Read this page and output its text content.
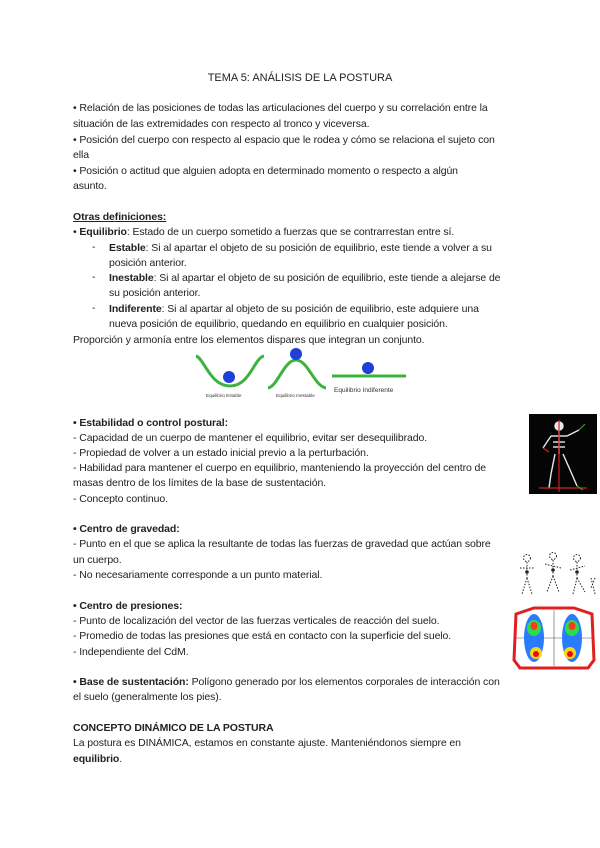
TEMA 5: ANÁLISIS DE LA POSTURA
• Relación de las posiciones de todas las articulaciones del cuerpo y su correlación entre la
situación de las extremidades con respecto al tronco y viceversa.
• Posición del cuerpo con respecto al espacio que le rodea y cómo se relaciona el sujeto con
ella
• Posición o actitud que alguien adopta en determinado momento o respecto a algún
asunto.
Otras definiciones:
• Equilibrio: Estado de un cuerpo sometido a fuerzas que se contrarrestan entre sí.
- Estable: Si al apartar el objeto de su posición de equilibrio, este tiende a volver a su
posición anterior.
- Inestable: Si al apartar el objeto de su posición de equilibrio, este tiende a alejarse de
su posición anterior.
- Indiferente: Si al apartar al objeto de su posición de equilibrio, este adquiere una
nueva posición de equilibrio, quedando en equilibrio en cualquier posición.
Proporción y armonía entre los elementos dispares que integran un conjunto.
Equilibrio Estable	Equilibrio Inestable
Equilibrio Indiferente
• Estabilidad o control postural:
- Capacidad de un cuerpo de mantener el equilibrio, evitar ser desequilibrado.
- Propiedad de volver a un estado inicial previo a la perturbación.
- Habilidad para mantener el cuerpo en equilibrio, manteniendo la proyección del centro de
masas dentro de los límites de la base de sustentación.
- Concepto continuo.
• Centro de gravedad:
- Punto en el que se aplica la resultante de todas las fuerzas de gravedad que actúan sobre
un cuerpo.
- No necesariamente corresponde a un punto material.
• Centro de presiones:
- Punto de localización del vector de las fuerzas verticales de reacción del suelo.
- Promedio de todas las presiones que está en contacto con la superficie del suelo.
- Independiente del CdM.
• Base de sustentación: Polígono generado por los elementos corporales de interacción con
el suelo (generalmente los pies).
CONCEPTO DINÁMICO DE LA POSTURA
La postura es DINÁMICA, estamos en constante ajuste. Manteniéndonos siempre en
equilibrio.
